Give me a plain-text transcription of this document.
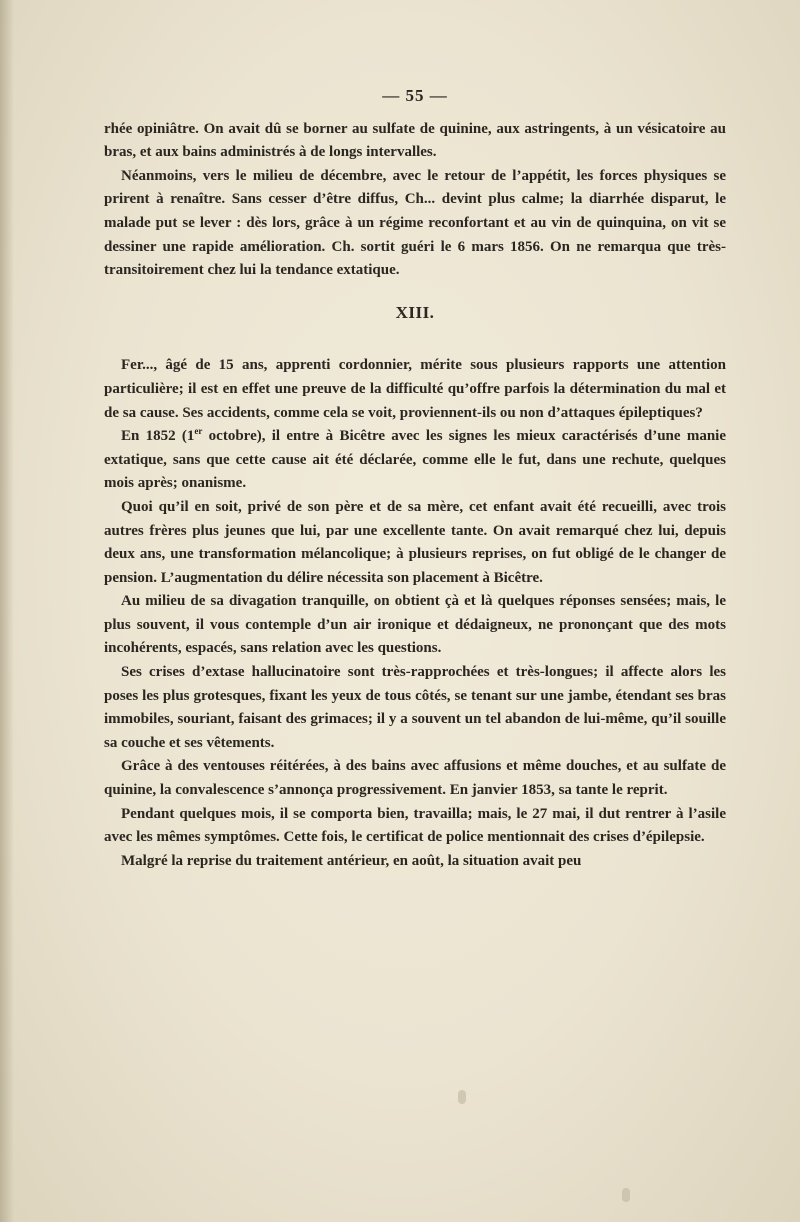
— 55 —

rhée opiniâtre. On avait dû se borner au sulfate de quinine, aux astringents, à un vésicatoire au bras, et aux bains administrés à de longs intervalles.

Néanmoins, vers le milieu de décembre, avec le retour de l’appétit, les forces physiques se prirent à renaître. Sans cesser d’être diffus, Ch... devint plus calme; la diarrhée disparut, le malade put se lever : dès lors, grâce à un régime reconfortant et au vin de quinquina, on vit se dessiner une rapide amélioration. Ch. sortit guéri le 6 mars 1856. On ne remarqua que très-transitoirement chez lui la tendance extatique.

XIII.

Fer..., âgé de 15 ans, apprenti cordonnier, mérite sous plusieurs rapports une attention particulière; il est en effet une preuve de la difficulté qu’offre parfois la détermination du mal et de sa cause. Ses accidents, comme cela se voit, proviennent-ils ou non d’attaques épileptiques?

En 1852 (1er octobre), il entre à Bicêtre avec les signes les mieux caractérisés d’une manie extatique, sans que cette cause ait été déclarée, comme elle le fut, dans une rechute, quelques mois après; onanisme.

Quoi qu’il en soit, privé de son père et de sa mère, cet enfant avait été recueilli, avec trois autres frères plus jeunes que lui, par une excellente tante. On avait remarqué chez lui, depuis deux ans, une transformation mélancolique; à plusieurs reprises, on fut obligé de le changer de pension. L’augmentation du délire nécessita son placement à Bicêtre.

Au milieu de sa divagation tranquille, on obtient çà et là quelques réponses sensées; mais, le plus souvent, il vous contemple d’un air ironique et dédaigneux, ne prononçant que des mots incohérents, espacés, sans relation avec les questions.

Ses crises d’extase hallucinatoire sont très-rapprochées et très-longues; il affecte alors les poses les plus grotesques, fixant les yeux de tous côtés, se tenant sur une jambe, étendant ses bras immobiles, souriant, faisant des grimaces; il y a souvent un tel abandon de lui-même, qu’il souille sa couche et ses vêtements.

Grâce à des ventouses réitérées, à des bains avec affusions et même douches, et au sulfate de quinine, la convalescence s’annonça progressivement. En janvier 1853, sa tante le reprit.

Pendant quelques mois, il se comporta bien, travailla; mais, le 27 mai, il dut rentrer à l’asile avec les mêmes symptômes. Cette fois, le certificat de police mentionnait des crises d’épilepsie.

Malgré la reprise du traitement antérieur, en août, la situation avait peu
